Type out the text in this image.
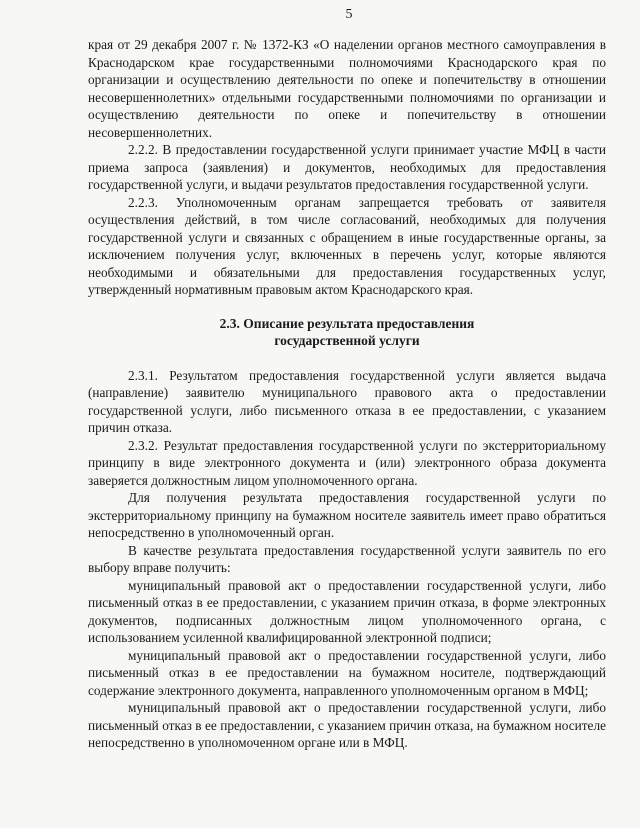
5

края от 29 декабря 2007 г. № 1372-КЗ «О наделении органов местного самоуправления в Краснодарском крае государственными полномочиями Краснодарского края по организации и осуществлению деятельности по опеке и попечительству в отношении несовершеннолетних» отдельными государственными полномочиями по организации и осуществлению деятельности по опеке и попечительству в отношении несовершеннолетних.

2.2.2. В предоставлении государственной услуги принимает участие МФЦ в части приема запроса (заявления) и документов, необходимых для предоставления государственной услуги, и выдачи результатов предоставления государственной услуги.

2.2.3. Уполномоченным органам запрещается требовать от заявителя осуществления действий, в том числе согласований, необходимых для получения государственной услуги и связанных с обращением в иные государственные органы, за исключением получения услуг, включенных в перечень услуг, которые являются необходимыми и обязательными для предоставления государственных услуг, утвержденный нормативным правовым актом Краснодарского края.

2.3. Описание результата предоставления
государственной услуги

2.3.1. Результатом предоставления государственной услуги является выдача (направление) заявителю муниципального правового акта о предоставлении государственной услуги, либо письменного отказа в ее предоставлении, с указанием причин отказа.

2.3.2. Результат предоставления государственной услуги по экстерриториальному принципу в виде электронного документа и (или) электронного образа документа заверяется должностным лицом уполномоченного органа.

Для получения результата предоставления государственной услуги по экстерриториальному принципу на бумажном носителе заявитель имеет право обратиться непосредственно в уполномоченный орган.

В качестве результата предоставления государственной услуги заявитель по его выбору вправе получить:

муниципальный правовой акт о предоставлении государственной услуги, либо письменный отказ в ее предоставлении, с указанием причин отказа, в форме электронных документов, подписанных должностным лицом уполномоченного органа, с использованием усиленной квалифицированной электронной подписи;

муниципальный правовой акт о предоставлении государственной услуги, либо письменный отказ в ее предоставлении на бумажном носителе, подтверждающий содержание электронного документа, направленного уполномоченным органом в МФЦ;

муниципальный правовой акт о предоставлении государственной услуги, либо письменный отказ в ее предоставлении, с указанием причин отказа, на бумажном носителе непосредственно в уполномоченном органе или в МФЦ.
